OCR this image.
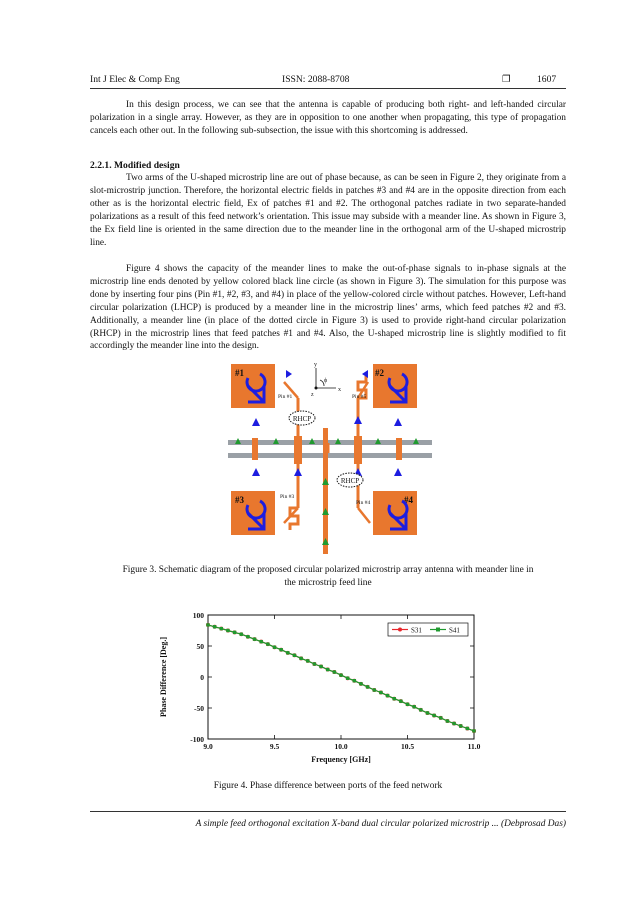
Int J Elec & Comp Eng	ISSN: 2088-8708	❐	1607

In this design process, we can see that the antenna is capable of producing both right- and left-handed circular polarization in a single array. However, as they are in opposition to one another when propagating, this type of propagation cancels each other out. In the following sub-subsection, the issue with this shortcoming is addressed.

2.2.1. Modified design

Two arms of the U-shaped microstrip line are out of phase because, as can be seen in Figure 2, they originate from a slot-microstrip junction. Therefore, the horizontal electric fields in patches #3 and #4 are in the opposite direction from each other as is the horizontal electric field, Ex of patches #1 and #2. The orthogonal patches radiate in two separate-handed polarizations as a result of this feed network’s orientation. This issue may subside with a meander line. As shown in Figure 3, the Ex field line is oriented in the same direction due to the meander line in the orthogonal arm of the U-shaped microstrip line.

Figure 4 shows the capacity of the meander lines to make the out-of-phase signals to in-phase signals at the microstrip line ends denoted by yellow colored black line circle (as shown in Figure 3). The simulation for this purpose was done by inserting four pins (Pin #1, #2, #3, and #4) in place of the yellow-colored circle without patches. However, Left-hand circular polarization (LHCP) is produced by a meander line in the microstrip lines’ arms, which feed patches #2 and #3. Additionally, a meander line (in place of the dotted circle in Figure 3) is used to provide right-hand circular polarization (RHCP) in the microstrip lines that feed patches #1 and #4. Also, the U-shaped microstrip line is slightly modified to fit accordingly the meander line into the design.

#1	#2
#3	#4
RHCP
RHCP
Pin #1	Pin #5
Pin #3
Pin #4
y
x
z
ϕ

Figure 3. Schematic diagram of the proposed circular polarized microstrip array antenna with meander line in
the microstrip feed line

100
50
0
-50
-100
9.0	9.5	10.0	10.5	11.0
Phase Difference [Deg.]
Frequency [GHz]
S31	S41

Figure 4. Phase difference between ports of the feed network

A simple feed orthogonal excitation X-band dual circular polarized microstrip ... (Debprosad Das)
